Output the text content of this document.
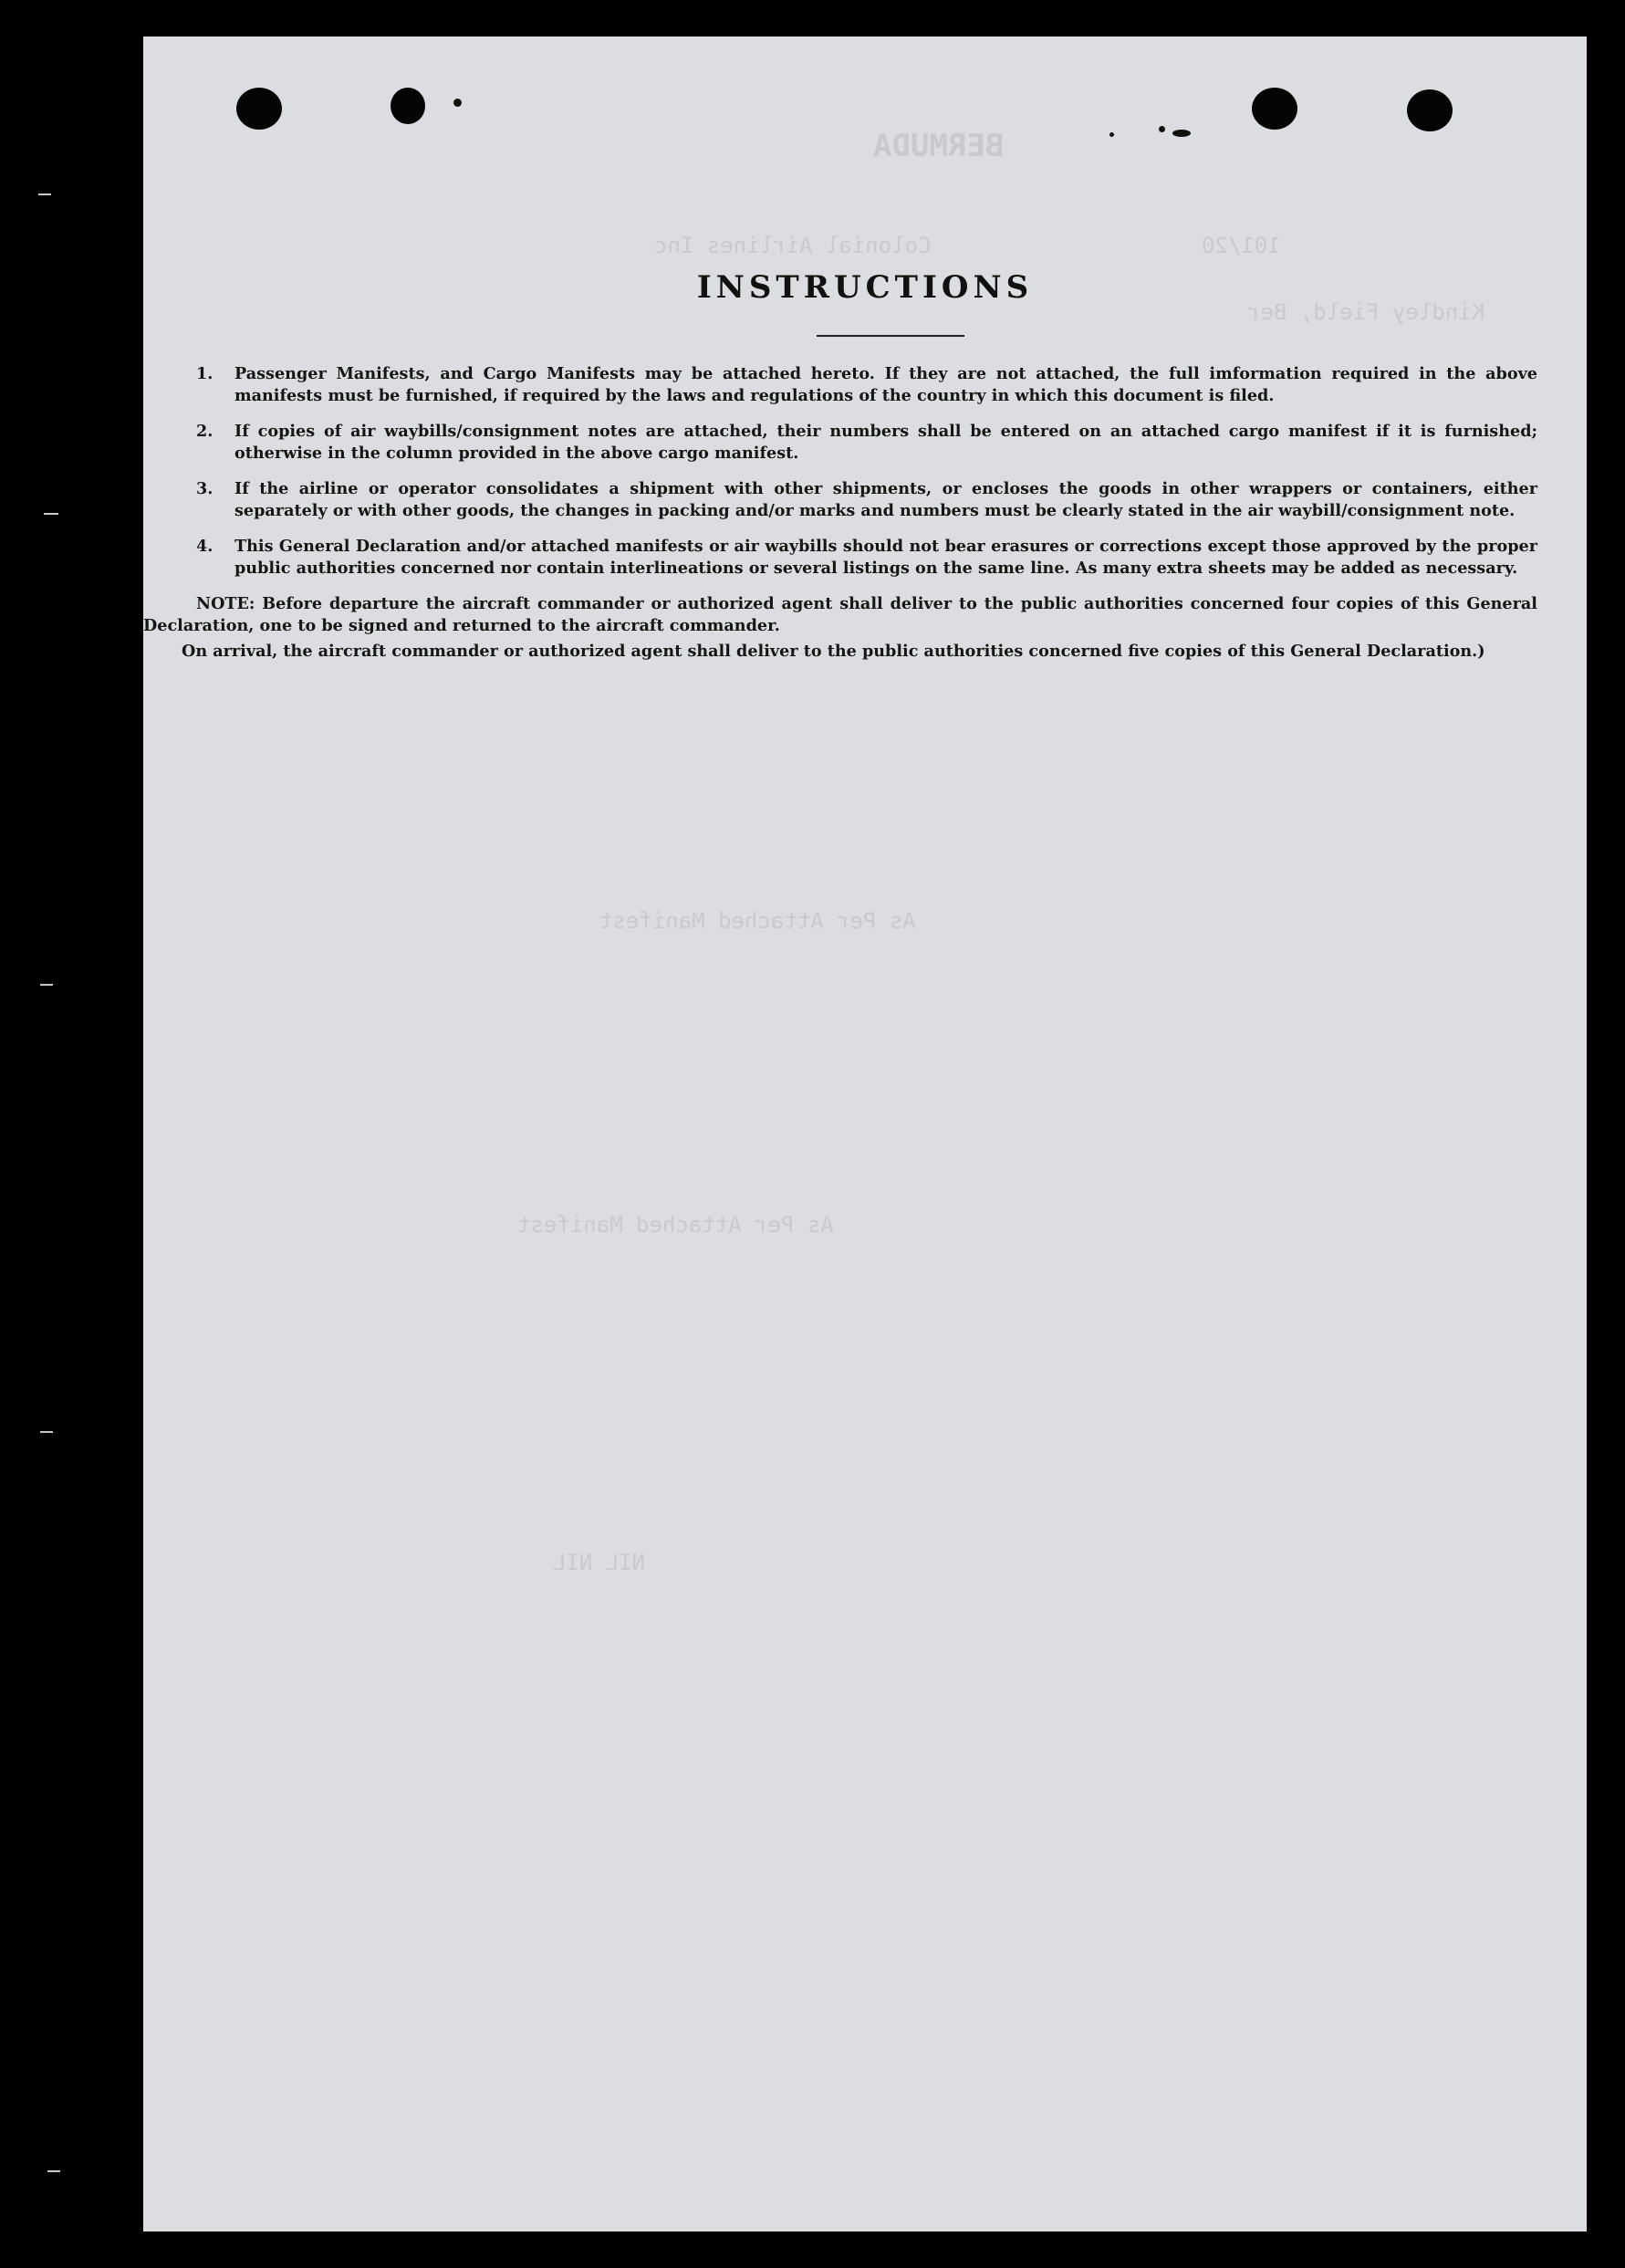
BERMUDA
Colonial Airlines Inc	101/20
Kindley Field, Ber
As Per Attached Manifest
As Per Attached Manifest
NIL NIL
INSTRUCTIONS
1.	Passenger Manifests, and Cargo Manifests may be attached hereto. If they are not attached, the full imformation required in the above manifests must be furnished, if required by the laws and regulations of the country in which this document is filed.
2.	If copies of air waybills/consignment notes are attached, their numbers shall be entered on an attached cargo manifest if it is furnished; otherwise in the column provided in the above cargo manifest.
3.	If the airline or operator consolidates a shipment with other shipments, or encloses the goods in other wrappers or containers, either separately or with other goods, the changes in packing and/or marks and numbers must be clearly stated in the air waybill/consignment note.
4.	This General Declaration and/or attached manifests or air waybills should not bear erasures or corrections except those approved by the proper public authorities concerned nor contain interlineations or several listings on the same line. As many extra sheets may be added as necessary.
NOTE: Before departure the aircraft commander or authorized agent shall deliver to the public authorities concerned four copies of this General Declaration, one to be signed and returned to the aircraft commander.
On arrival, the aircraft commander or authorized agent shall deliver to the public authorities concerned five copies of this General Declaration.)
